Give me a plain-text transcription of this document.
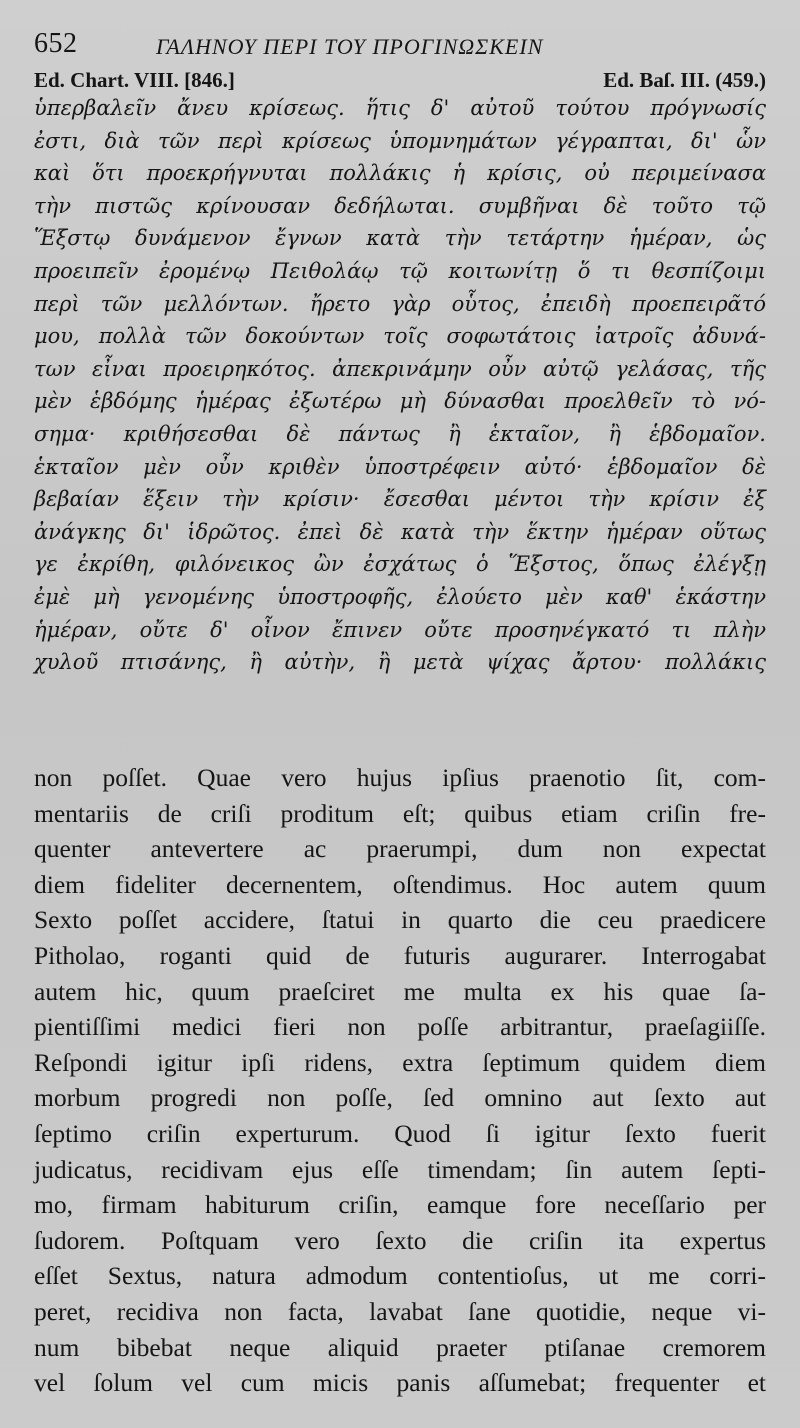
652	ΓΑΛΗΝΟΥ ΠΕΡΙ ΤΟΥ ΠΡΟΓΙΝΩΣΚΕΙΝ
Ed. Chart. VIII. [846.]	Ed. Baſ. III. (459.)
ὑπερβαλεῖν ἄνευ κρίσεως. ἥτις δ' αὐτοῦ τούτου πρόγνωσίς
ἐστι, διὰ τῶν περὶ κρίσεως ὑπομνημάτων γέγραπται, δι' ὧν
καὶ ὅτι προεκρήγνυται πολλάκις ἡ κρίσις, οὐ περιμείνασα
τὴν πιστῶς κρίνουσαν δεδήλωται. συμβῆναι δὲ τοῦτο τῷ
Ἕξστῳ δυνάμενον ἔγνων κατὰ τὴν τετάρτην ἡμέραν, ὡς
προειπεῖν ἐρομένῳ Πειθολάῳ τῷ κοιτωνίτῃ ὅ τι θεσπίζοιμι
περὶ τῶν μελλόντων. ἤρετο γὰρ οὗτος, ἐπειδὴ προεπειρᾶτό
μου, πολλὰ τῶν δοκούντων τοῖς σοφωτάτοις ἰατροῖς ἀδυνά-
των εἶναι προειρηκότος. ἀπεκρινάμην οὖν αὐτῷ γελάσας, τῆς
μὲν ἑβδόμης ἡμέρας ἐξωτέρω μὴ δύνασθαι προελθεῖν τὸ νό-
σημα· κριθήσεσθαι δὲ πάντως ἢ ἑκταῖον, ἢ ἑβδομαῖον.
ἑκταῖον μὲν οὖν κριθὲν ὑποστρέφειν αὐτό· ἑβδομαῖον δὲ
βεβαίαν ἕξειν τὴν κρίσιν· ἔσεσθαι μέντοι τὴν κρίσιν ἐξ
ἀνάγκης δι' ἱδρῶτος. ἐπεὶ δὲ κατὰ τὴν ἕκτην ἡμέραν οὕτως
γε ἐκρίθη, φιλόνεικος ὢν ἐσχάτως ὁ Ἕξστος, ὅπως ἐλέγξῃ
ἐμὲ μὴ γενομένης ὑποστροφῆς, ἐλούετο μὲν καθ' ἑκάστην
ἡμέραν, οὔτε δ' οἶνον ἔπινεν οὔτε προσηνέγκατό τι πλὴν
χυλοῦ πτισάνης, ἢ αὐτὴν, ἢ μετὰ ψίχας ἄρτου· πολλάκις
non poſſet. Quae vero hujus ipſius praenotio ſit, com-
mentariis de criſi proditum eſt; quibus etiam criſin fre-
quenter antevertere ac praerumpi, dum non expectat
diem fideliter decernentem, oſtendimus. Hoc autem quum
Sexto poſſet accidere, ſtatui in quarto die ceu praedicere
Pitholao, roganti quid de futuris augurarer. Interrogabat
autem hic, quum praeſciret me multa ex his quae ſa-
pientiſſimi medici fieri non poſſe arbitrantur, praeſagiiſſe.
Reſpondi igitur ipſi ridens, extra ſeptimum quidem diem
morbum progredi non poſſe, ſed omnino aut ſexto aut
ſeptimo criſin experturum. Quod ſi igitur ſexto fuerit
judicatus, recidivam ejus eſſe timendam; ſin autem ſepti-
mo, firmam habiturum criſin, eamque fore neceſſario per
ſudorem. Poſtquam vero ſexto die criſin ita expertus
eſſet Sextus, natura admodum contentioſus, ut me corri-
peret, recidiva non facta, lavabat ſane quotidie, neque vi-
num bibebat neque aliquid praeter ptiſanae cremorem
vel ſolum vel cum micis panis aſſumebat; frequenter et
